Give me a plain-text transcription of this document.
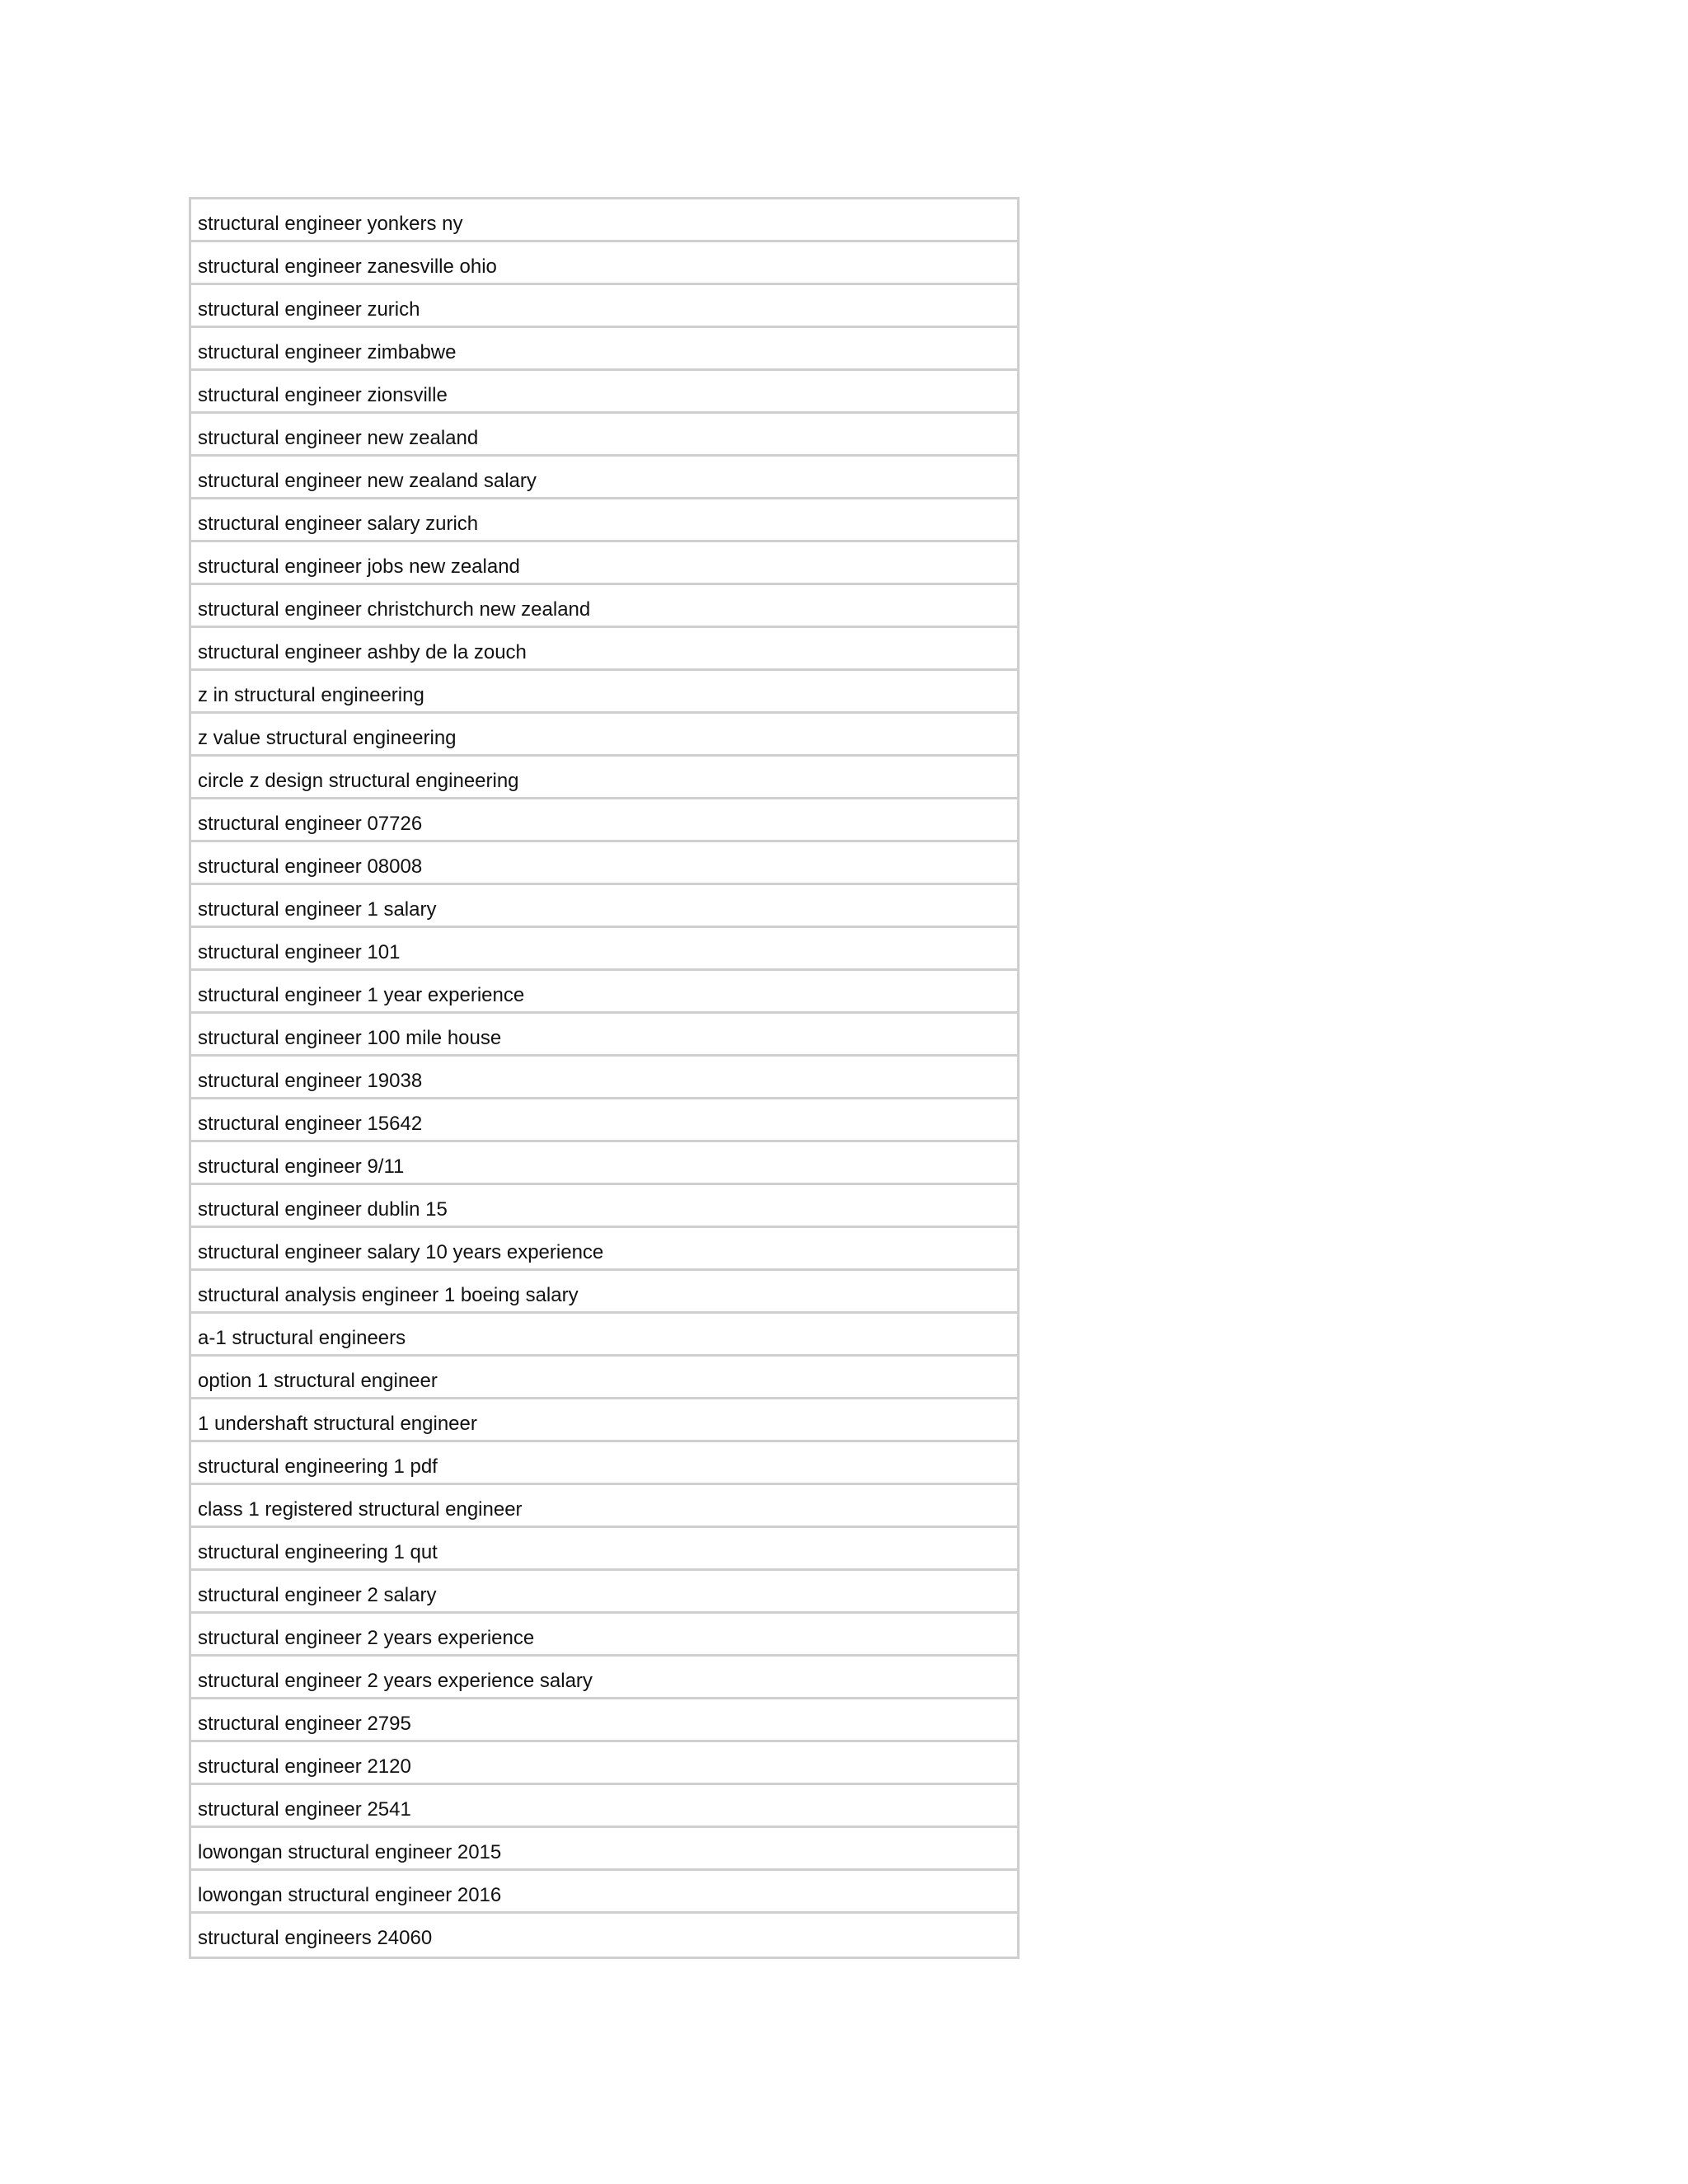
structural engineer yonkers ny
structural engineer zanesville ohio
structural engineer zurich
structural engineer zimbabwe
structural engineer zionsville
structural engineer new zealand
structural engineer new zealand salary
structural engineer salary zurich
structural engineer jobs new zealand
structural engineer christchurch new zealand
structural engineer ashby de la zouch
z in structural engineering
z value structural engineering
circle z design structural engineering
structural engineer 07726
structural engineer 08008
structural engineer 1 salary
structural engineer 101
structural engineer 1 year experience
structural engineer 100 mile house
structural engineer 19038
structural engineer 15642
structural engineer 9/11
structural engineer dublin 15
structural engineer salary 10 years experience
structural analysis engineer 1 boeing salary
a-1 structural engineers
option 1 structural engineer
1 undershaft structural engineer
structural engineering 1 pdf
class 1 registered structural engineer
structural engineering 1 qut
structural engineer 2 salary
structural engineer 2 years experience
structural engineer 2 years experience salary
structural engineer 2795
structural engineer 2120
structural engineer 2541
lowongan structural engineer 2015
lowongan structural engineer 2016
structural engineers 24060
